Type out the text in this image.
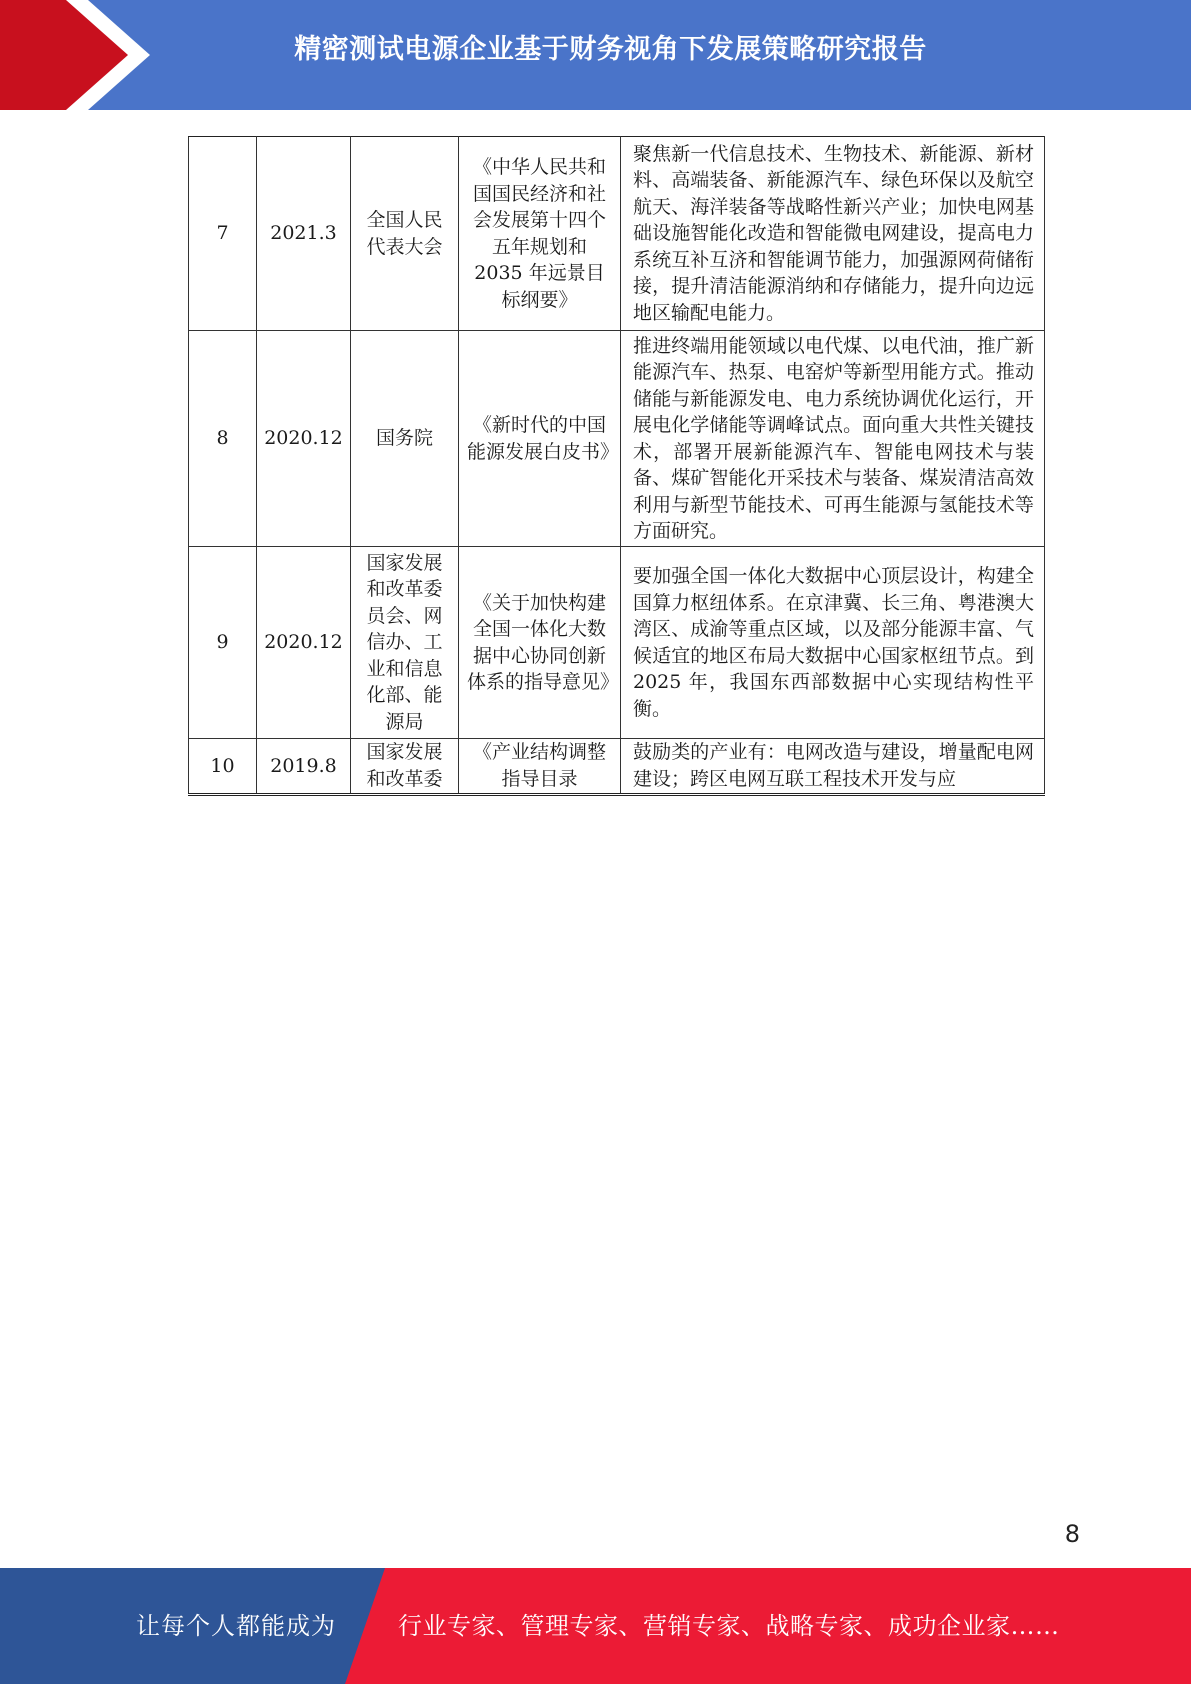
精密测试电源企业基于财务视角下发展策略研究报告
7	2021.3	全国人民代表大会	《中华人民共和国国民经济和社会发展第十四个五年规划和 2035 年远景目标纲要》	聚焦新一代信息技术、生物技术、新能源、新材料、高端装备、新能源汽车、绿色环保以及航空航天、海洋装备等战略性新兴产业；加快电网基础设施智能化改造和智能微电网建设，提高电力系统互补互济和智能调节能力，加强源网荷储衔接，提升清洁能源消纳和存储能力，提升向边远地区输配电能力。
8	2020.12	国务院	《新时代的中国能源发展白皮书》	推进终端用能领域以电代煤、以电代油，推广新能源汽车、热泵、电窑炉等新型用能方式。推动储能与新能源发电、电力系统协调优化运行，开展电化学储能等调峰试点。面向重大共性关键技术，部署开展新能源汽车、智能电网技术与装备、煤矿智能化开采技术与装备、煤炭清洁高效利用与新型节能技术、可再生能源与氢能技术等方面研究。
9	2020.12	国家发展和改革委员会、网信办、工业和信息化部、能源局	《关于加快构建全国一体化大数据中心协同创新体系的指导意见》	要加强全国一体化大数据中心顶层设计，构建全国算力枢纽体系。在京津冀、长三角、粤港澳大湾区、成渝等重点区域，以及部分能源丰富、气候适宜的地区布局大数据中心国家枢纽节点。到 2025 年，我国东西部数据中心实现结构性平衡。
10	2019.8	国家发展和改革委	《产业结构调整指导目录	鼓励类的产业有：电网改造与建设，增量配电网建设；跨区电网互联工程技术开发与应
8
让每个人都能成为	行业专家、管理专家、营销专家、战略专家、成功企业家……
